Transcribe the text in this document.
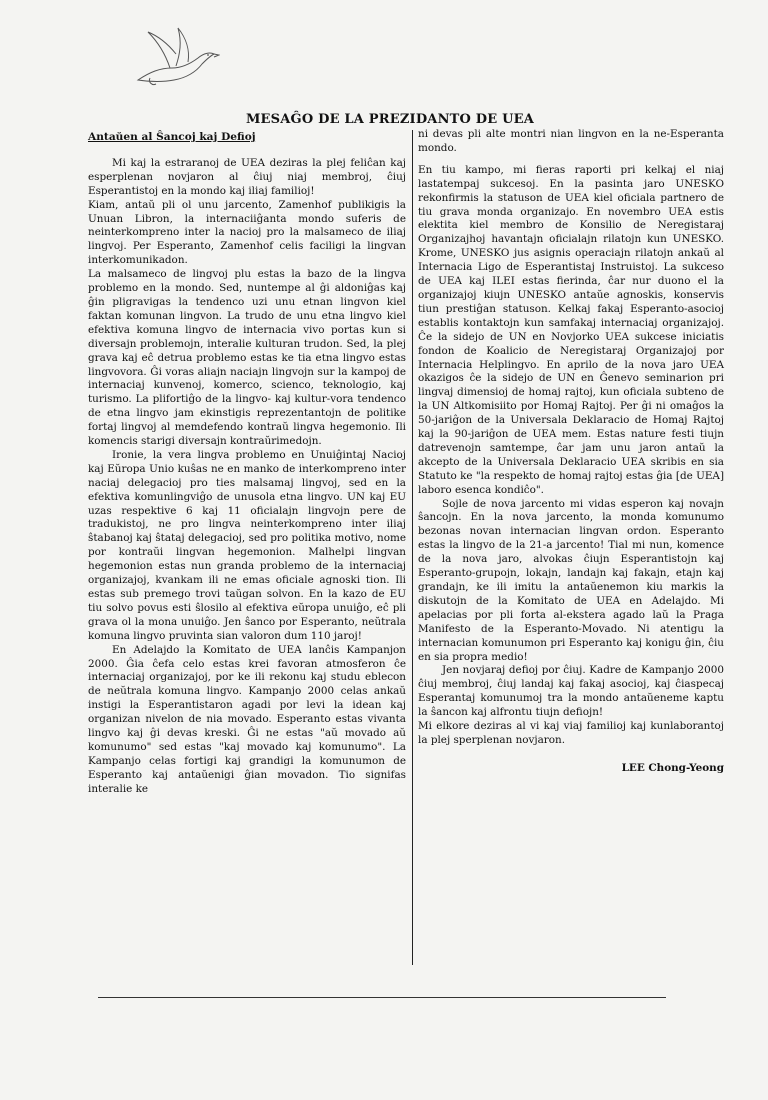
MESAĜO DE LA PREZIDANTO DE UEA
Antaŭen al Ŝancoj kaj Defioj

Mi kaj la estraranoj de UEA deziras la plej feliĉan kaj esperplenan novjaron al ĉiuj niaj membroj, ĉiuj Esperantistoj en la mondo kaj iliaj familioj!

Kiam, antaŭ pli ol unu jarcento, Zamenhof publikigis la Unuan Libron, la internaciiĝanta mondo suferis de neinterkompreno inter la nacioj pro la malsameco de iliaj lingvoj. Per Esperanto, Zamenhof celis faciligi la lingvan interkomunikadon.

La malsameco de lingvoj plu estas la bazo de la lingva problemo en la mondo. Sed, nuntempe al ĝi aldoniĝas kaj ĝin pligravigas la tendenco uzi unu etnan lingvon kiel faktan komunan lingvon. La trudo de unu etna lingvo kiel efektiva komuna lingvo de internacia vivo portas kun si diversajn problemojn, interalie kulturan trudon. Sed, la plej grava kaj eĉ detrua problemo estas ke tia etna lingvo estas lingvovora. Ĝi voras aliajn naciajn lingvojn sur la kampoj de internaciaj kunvenoj, komerco, scienco, teknologio, kaj turismo. La plifortiĝo de la lingvo- kaj kultur-vora tendenco de etna lingvo jam ekinstigis reprezentantojn de politike fortaj lingvoj al memdefendo kontraŭ lingva hegemonio. Ili komencis starigi diversajn kontraŭrimedojn.

Ironie, la vera lingva problemo en Unuiĝintaj Nacioj kaj Eŭropa Unio kuŝas ne en manko de interkompreno inter naciaj delegacioj pro ties malsamaj lingvoj, sed en la efektiva komunlingviĝo de unusola etna lingvo. UN kaj EU uzas respektive 6 kaj 11 oficialajn lingvojn pere de tradukistoj, ne pro lingva neinterkompreno inter iliaj ŝtabanoj kaj ŝtataj delegacioj, sed pro politika motivo, nome por kontraŭi lingvan hegemonion. Malhelpi lingvan hegemonion estas nun granda problemo de la internaciaj organizajoj, kvankam ili ne emas oficiale agnoski tion. Ili estas sub premego trovi taŭgan solvon. En la kazo de EU tiu solvo povus esti ŝlosilo al efektiva eŭropa unuiĝo, eĉ pli grava ol la mona unuiĝo. Jen ŝanco por Esperanto, neŭtrala komuna lingvo pruvinta sian valoron dum 110 jaroj!

En Adelajdo la Komitato de UEA lanĉis Kampanjon 2000. Ĝia ĉefa celo estas krei favoran atmosferon ĉe internaciaj organizajoj, por ke ili rekonu kaj studu eblecon de neŭtrala komuna lingvo. Kampanjo 2000 celas ankaŭ instigi la Esperantistaron agadi por levi la idean kaj organizan nivelon de nia movado. Esperanto estas vivanta lingvo kaj ĝi devas kreski. Ĝi ne estas "aŭ movado aŭ komunumo" sed estas "kaj movado kaj komunumo". La Kampanjo celas fortigi kaj grandigi la komunumon de Esperanto kaj antaŭenigi ĝian movadon. Tio signifas interalie ke

ni devas pli alte montri nian lingvon en la ne-Esperanta mondo.

En tiu kampo, mi fieras raporti pri kelkaj el niaj lastatempaj sukcesoj. En la pasinta jaro UNESKO rekonfirmis la statuson de UEA kiel oficiala partnero de tiu grava monda organizajo. En novembro UEA estis elektita kiel membro de Konsilio de Neregistaraj Organizajhoj havantajn oficialajn rilatojn kun UNESKO. Krome, UNESKO jus asignis operaciajn rilatojn ankaŭ al Internacia Ligo de Esperantistaj Instruistoj. La sukceso de UEA kaj ILEI estas fierinda, ĉar nur duono el la organizajoj kiujn UNESKO antaŭe agnoskis, konservis tiun prestiĝan statuson. Kelkaj fakaj Esperanto-asocioj establis kontaktojn kun samfakaj internaciaj organizajoj. Ĉe la sidejo de UN en Novjorko UEA sukcese iniciatis fondon de Koalicio de Neregistaraj Organizajoj por Internacia Helplingvo. En aprilo de la nova jaro UEA okazigos ĉe la sidejo de UN en Ĝenevo seminarion pri lingvaj dimensioj de homaj rajtoj, kun oficiala subteno de la UN Altkomisiito por Homaj Rajtoj. Per ĝi ni omaĝos la 50-jariĝon de la Universala Deklaracio de Homaj Rajtoj kaj la 90-jariĝon de UEA mem. Estas nature festi tiujn datrevenojn samtempe, ĉar jam unu jaron antaŭ la akcepto de la Universala Deklaracio UEA skribis en sia Statuto ke "la respekto de homaj rajtoj estas ĝia [de UEA] laboro esenca kondiĉo".

Sojle de nova jarcento mi vidas esperon kaj novajn ŝancojn. En la nova jarcento, la monda komunumo bezonas novan internacian lingvan ordon. Esperanto estas la lingvo de la 21-a jarcento! Tial mi nun, komence de la nova jaro, alvokas ĉiujn Esperantistojn kaj Esperanto-grupojn, lokajn, landajn kaj fakajn, etajn kaj grandajn, ke ili imitu la antaŭenemon kiu markis la diskutojn de la Komitato de UEA en Adelajdo. Mi apelacias por pli forta al-ekstera agado laŭ la Praga Manifesto de la Esperanto-Movado. Ni atentigu la internacian komunumon pri Esperanto kaj konigu ĝin, ĉiu en sia propra medio!

Jen novjaraj defioj por ĉiuj. Kadre de Kampanjo 2000 ĉiuj membroj, ĉiuj landaj kaj fakaj asocioj, kaj ĉiaspecaj Esperantaj komunumoj tra la mondo antaŭeneme kaptu la ŝancon kaj alfrontu tiujn defiojn!

Mi elkore deziras al vi kaj viaj familioj kaj kunlaborantoj la plej sperplenan novjaron.

LEE Chong-Yeong
